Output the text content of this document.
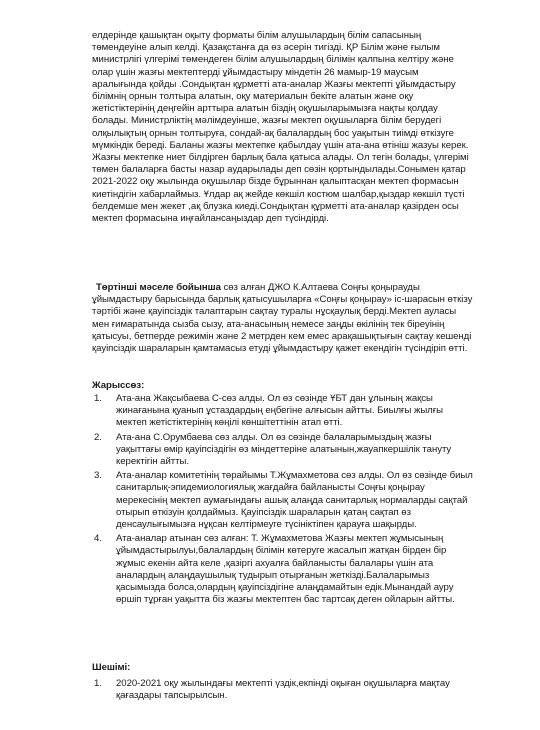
елдерінде қашықтан оқыту форматы білім алушылардың білім сапасының төмендеуіне алып келді. Қазақстанға да өз әсерін тигізді. ҚР Білім және ғылым министрлігі үлгерімі төмендеген білім алушылардың білімін қалпына келтіру және олар үшін жазғы мектептерді ұйымдастыру міндетін 26 мамыр-19 маусым аралығында қойды .Сондықтан құрметті ата-аналар Жазғы мектепті ұйымдастыру білімнің орнын толтыра алатын, оқу материалын бекіте алатын және оқу жетістіктерінің деңгейін арттыра алатын біздің оқушыларымызға нақты қолдау болады. Министрліктің мәлімдеуінше, жазғы мектеп оқушыларға білім берудегі олқылықтың орнын толтыруға, сондай-ақ балалардың бос уақытын тиімді өткізуге мүмкіндік береді. Баланы жазғы мектепке қабылдау үшін ата-ана өтініш жазуы керек. Жазғы мектепке ниет білдірген барлық бала қатыса алады. Ол тегін болады, үлгерімі төмен балаларға басты назар аударылады деп сөзін қортындылады.Сонымен қатар 2021-2022 оқу жылында оқушылар бізде бұрыннан қалыптасқан мектеп формасын киетіндігін хабарлаймыз. Ұлдар ақ жейде көкшіл костюм шалбар,қыздар көкшіл түсті белдемше мен жекет ,ақ блузка киеді.Сондықтан құрметті ата-аналар қазірден осы мектеп формасына иңғайлансаңыздар деп түсіндірді.
Төртінші мәселе бойынша сөз алған ДЖО К.Алтаева Соңғы қоңырауды ұйымдастыру барысында барлық қатысушыларға «Соңғы қоңырау» іс-шарасын өткізу тәртібі және қауіпсіздік талаптарын сақтау туралы нұсқаулық берді.Мектеп ауласы мен ғимаратында сызба сызу, ата-анасының немесе заңды өкілінің тек біреуінің қатысуы, бетперде режимін және 2 метрден кем емес арақашықтығын сақтау кешенді қауіпсіздік шараларын қамтамасыз етуді ұйымдастыру қажет екендігін түсіндіріп өтті.
Жарыссөз:
1. Ата-ана Жақсыбаева С-сөз алды. Ол өз сөзінде ҰБТ дан ұлының жақсы жинағанына қуанып ұстаздардың еңбегіне алғысын айтты. Биылғы жылғы мектеп жетістіктерінің көңілі көншітеттінін атап өтті.
2. Ата-ана С.Орумбаева сөз алды. Ол өз сөзінде балаларымыздың жазғы уақыттағы өмір қауіпсіздігін өз міндеттеріне алатынын,жауапкершілік тануту керектігін айтты.
3. Ата-аналар комитетінің төрайымы Т.Жұмахметова сөз алды. Ол өз сөзінде биыл санитарлық-эпидемиологиялық жағдайға байланысты Соңғы қоңырау мерекесінің мектеп аумағындағы ашық алаңда санитарлық нормаларды сақтай отырып өткізуін қолдаймыз. Қауіпсіздік шараларын қатаң сақтап өз денсаулығымызға нұқсан келтірмеуге түсініктіпен қарауға шақырды.
4. Ата-аналар атынан сөз алған: Т. Жұмахметова Жазғы мектеп жұмысының ұйымдастырылуы,балалардың білімін көтеруге жасалып жатқан бірден бір жұмыс екенін айта келе ,қазіргі ахуалға байланысты балалары үшін ата аналардың алаңдаушылық тудырып отырғанын жеткізді.Балаларымыз қасымызда болса,олардың қауіпсіздігіне алаңдамайтын едік.Мынандай ауру өршіп тұрған уақытта біз жазғы мектептен бас тартсақ деген ойларын айтты.
Шешімі:
1. 2020-2021 оқу жылындағы мектепті үздік,екпінді оқыған оқушыларға мақтау қағаздары тапсырылсын.
